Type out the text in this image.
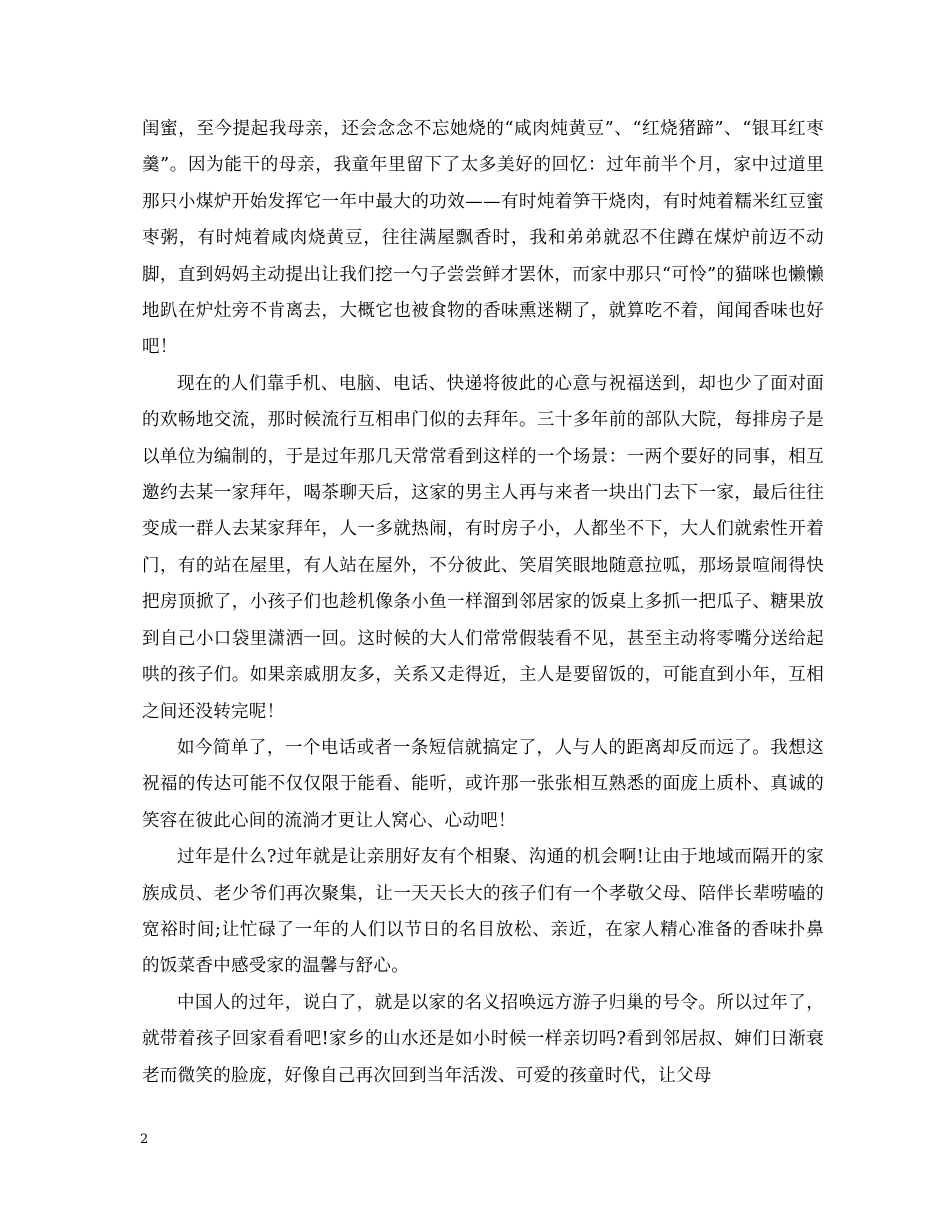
闺蜜，至今提起我母亲，还会念念不忘她烧的“咸肉炖黄豆”、“红烧猪蹄”、“银耳红枣羹”。因为能干的母亲，我童年里留下了太多美好的回忆：过年前半个月，家中过道里那只小煤炉开始发挥它一年中最大的功效——有时炖着笋干烧肉，有时炖着糯米红豆蜜枣粥，有时炖着咸肉烧黄豆，往往满屋飘香时，我和弟弟就忍不住蹲在煤炉前迈不动脚，直到妈妈主动提出让我们挖一勺子尝尝鲜才罢休，而家中那只“可怜”的猫咪也懒懒地趴在炉灶旁不肯离去，大概它也被食物的香味熏迷糊了，就算吃不着，闻闻香味也好吧！

现在的人们靠手机、电脑、电话、快递将彼此的心意与祝福送到，却也少了面对面的欢畅地交流，那时候流行互相串门似的去拜年。三十多年前的部队大院，每排房子是以单位为编制的，于是过年那几天常常看到这样的一个场景：一两个要好的同事，相互邀约去某一家拜年，喝茶聊天后，这家的男主人再与来者一块出门去下一家，最后往往变成一群人去某家拜年，人一多就热闹，有时房子小，人都坐不下，大人们就索性开着门，有的站在屋里，有人站在屋外，不分彼此、笑眉笑眼地随意拉呱，那场景喧闹得快把房顶掀了，小孩子们也趁机像条小鱼一样溜到邻居家的饭桌上多抓一把瓜子、糖果放到自己小口袋里潇洒一回。这时候的大人们常常假装看不见，甚至主动将零嘴分送给起哄的孩子们。如果亲戚朋友多，关系又走得近，主人是要留饭的，可能直到小年，互相之间还没转完呢！

如今简单了，一个电话或者一条短信就搞定了，人与人的距离却反而远了。我想这祝福的传达可能不仅仅限于能看、能听，或许那一张张相互熟悉的面庞上质朴、真诚的笑容在彼此心间的流淌才更让人窝心、心动吧！

过年是什么?过年就是让亲朋好友有个相聚、沟通的机会啊!让由于地域而隔开的家族成员、老少爷们再次聚集，让一天天长大的孩子们有一个孝敬父母、陪伴长辈唠嗑的宽裕时间;让忙碌了一年的人们以节日的名目放松、亲近，在家人精心准备的香味扑鼻的饭菜香中感受家的温馨与舒心。

中国人的过年，说白了，就是以家的名义招唤远方游子归巢的号令。所以过年了，就带着孩子回家看看吧!家乡的山水还是如小时候一样亲切吗?看到邻居叔、婶们日渐衰老而微笑的脸庞，好像自己再次回到当年活泼、可爱的孩童时代，让父母

2
